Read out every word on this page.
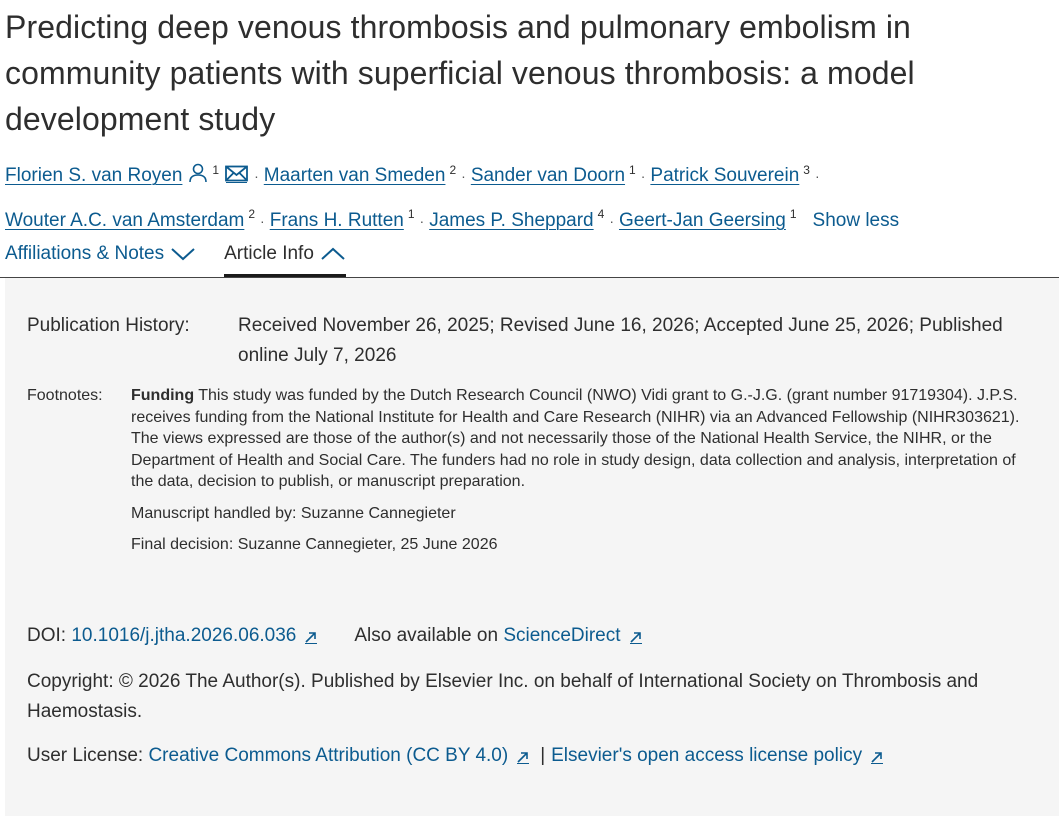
Predicting deep venous thrombosis and pulmonary embolism in community patients with superficial venous thrombosis: a model development study
Florien S. van Royen	$^1$	· Maarten van Smeden $^2$ · Sander van Doorn $^1$ · Patrick Souverein $^3$ ·
Wouter A.C. van Amsterdam $^2$ · Frans H. Rutten $^1$ · James P. Sheppard $^4$ · Geert-Jan Geersing $^1$ Show less
Affiliations & Notes	Article Info
Publication History:	Received November 26, 2025; Revised June 16, 2026; Accepted June 25, 2026; Published online July 7, 2026
Footnotes:	Funding This study was funded by the Dutch Research Council (NWO) Vidi grant to G.-J.G. (grant number 91719304). J.P.S. receives funding from the National Institute for Health and Care Research (NIHR) via an Advanced Fellowship (NIHR303621). The views expressed are those of the author(s) and not necessarily those of the National Health Service, the NIHR, or the Department of Health and Social Care. The funders had no role in study design, data collection and analysis, interpretation of the data, decision to publish, or manuscript preparation.

Manuscript handled by: Suzanne Cannegieter

Final decision: Suzanne Cannegieter, 25 June 2026

DOI:
10.1016/j.jtha.2026.06.036	Also available on
ScienceDirect

Copyright: © 2026 The Author(s). Published by Elsevier Inc. on behalf of International Society on Thrombosis and Haemostasis.

User License: Creative Commons Attribution (CC BY 4.0) | Elsevier's open access license policy
